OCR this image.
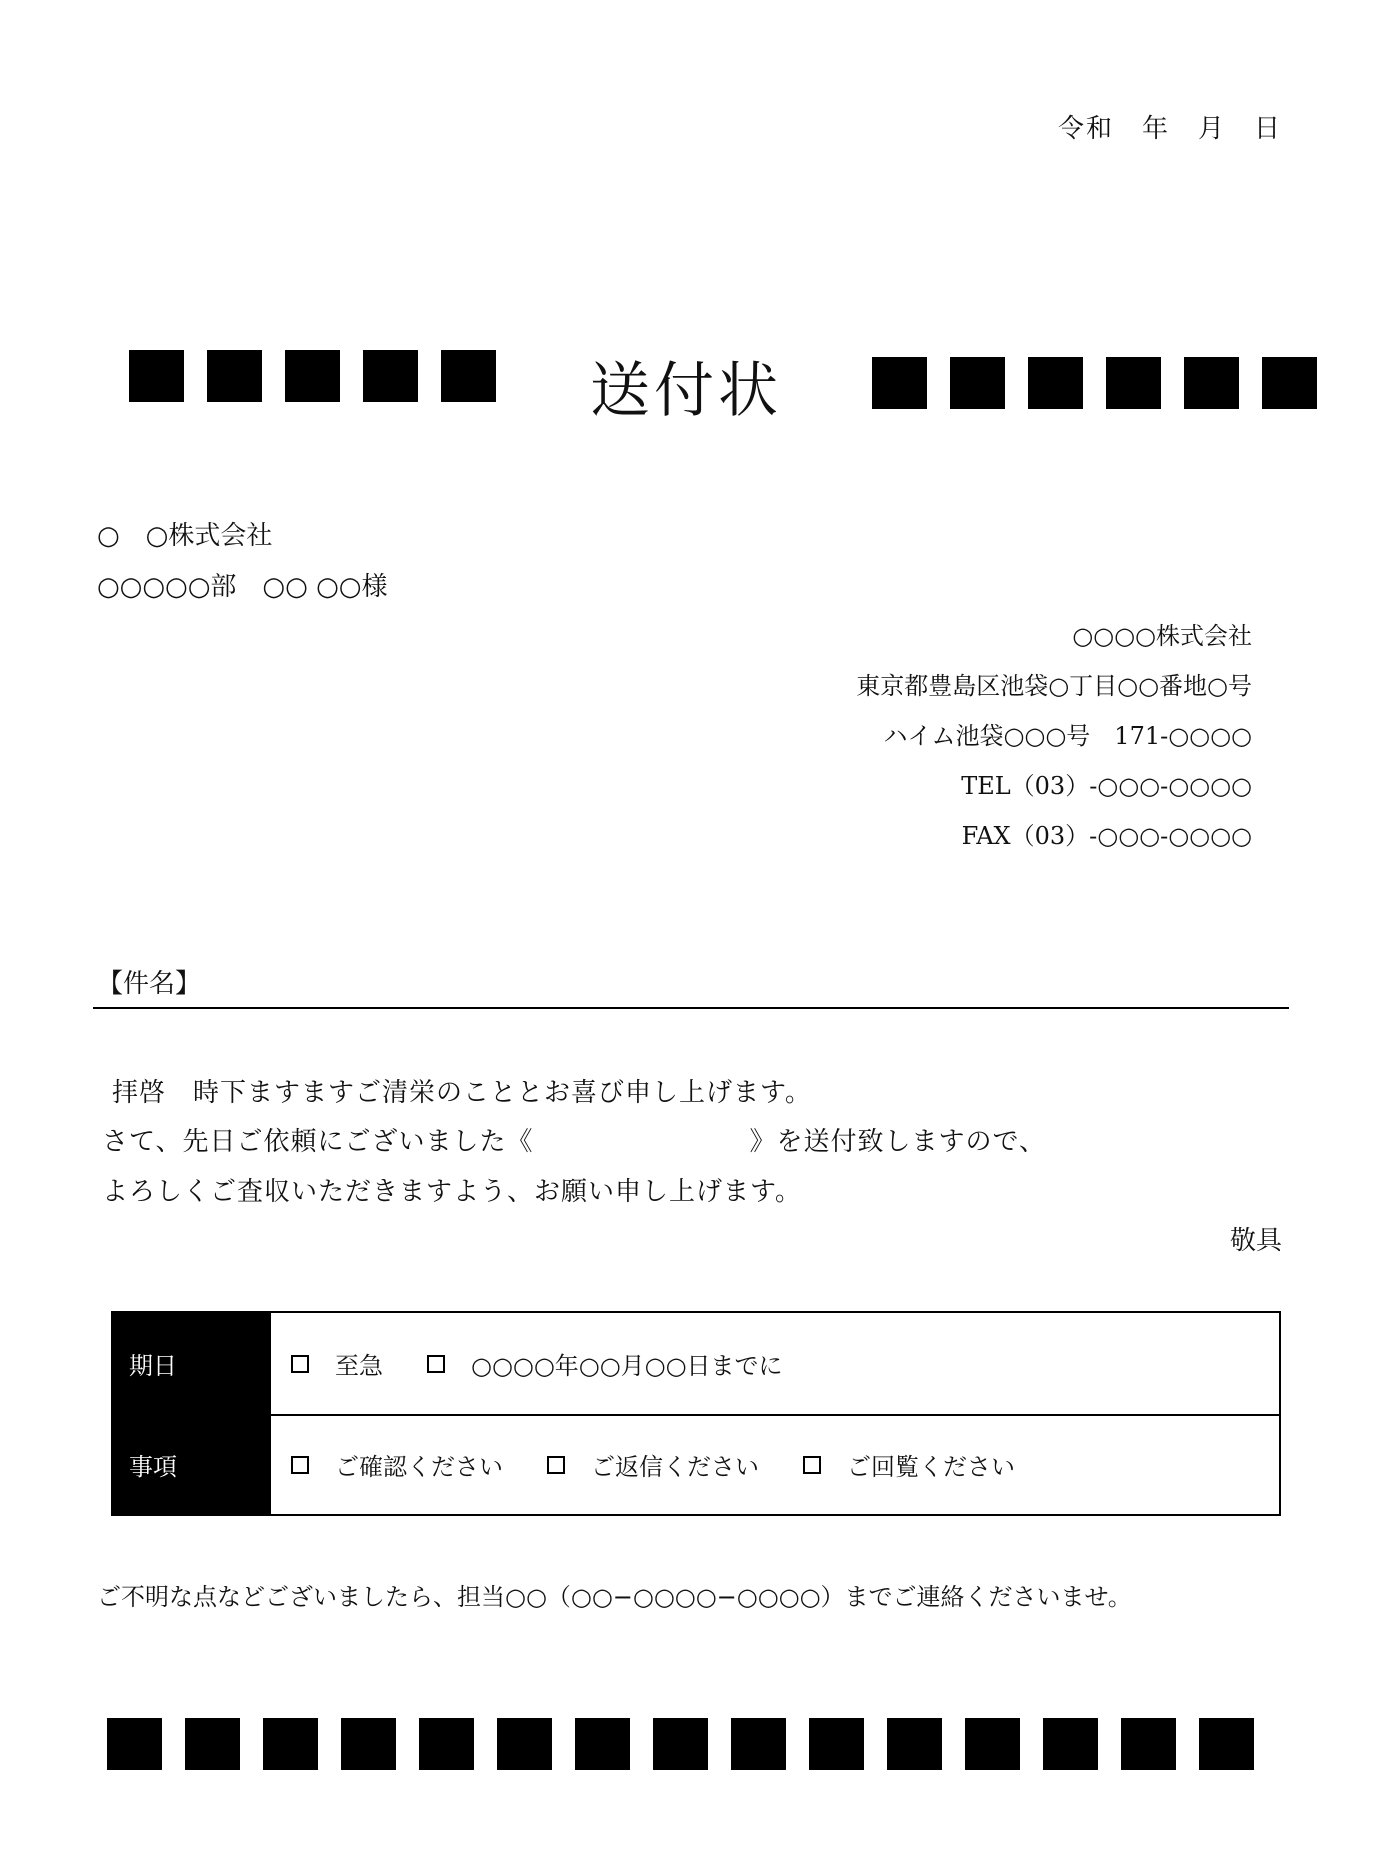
令和　年　月　日
送付状
○　○株式会社
○○○○○部　○○ ○○様
○○○○株式会社
東京都豊島区池袋○丁目○○番地○号
ハイム池袋○○○号　171-○○○○
TEL（03）-○○○-○○○○
FAX（03）-○○○-○○○○
【件名】
拝啓　時下ますますご清栄のこととお喜び申し上げます。
さて、先日ご依頼にございました《　　　　　　　　》を送付致しますので、
よろしくご査収いただきますよう、お願い申し上げます。
敬具
期日	至急	○○○○年○○月○○日までに
事項	ご確認ください	ご返信ください	ご回覧ください
ご不明な点などございましたら、担当○○（○○−○○○○−○○○○）までご連絡くださいませ。
